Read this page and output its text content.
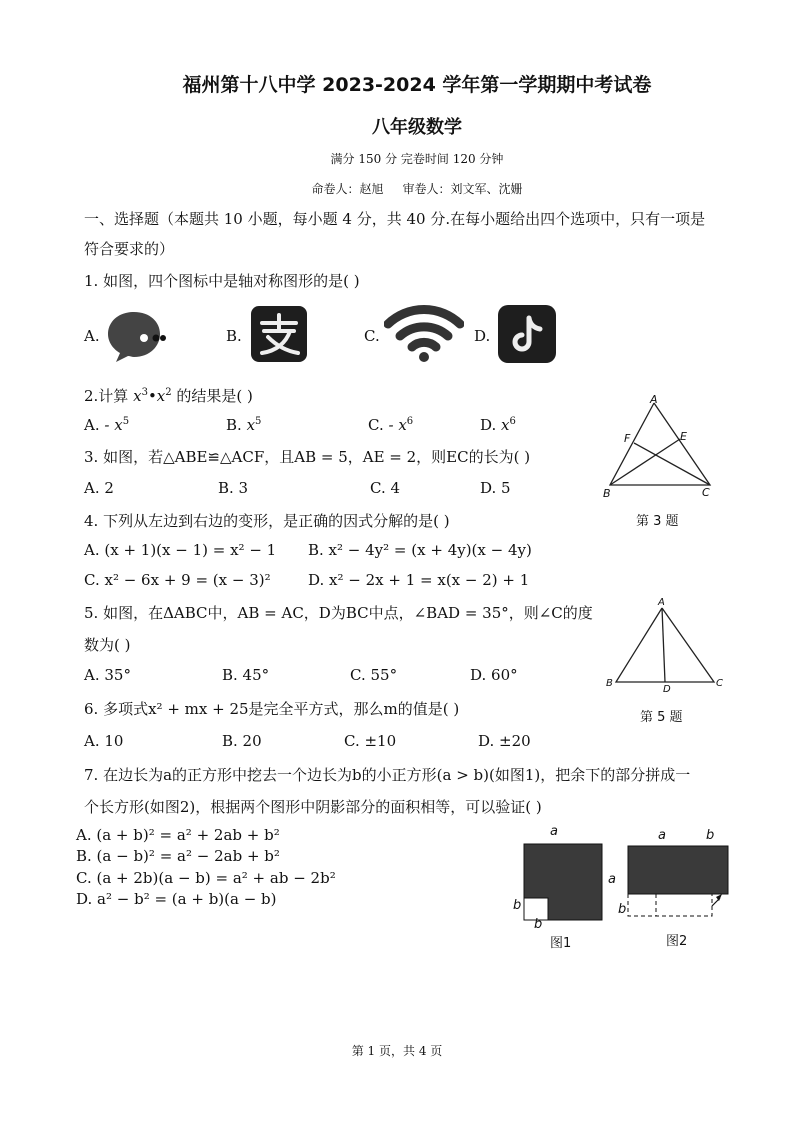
福州第十八中学 2023-2024 学年第一学期期中考试卷
八年级数学
满分 150 分 完卷时间 120 分钟
命卷人：赵旭     审卷人：刘文军、沈姗
一、选择题（本题共 10 小题，每小题 4 分，共 40 分.在每小题给出四个选项中，只有一项是
符合要求的）
1. 如图，四个图标中是轴对称图形的是( )
A.	B.	C.	D.
2.计算 $x^3•x^2$ 的结果是( )
A. - $x^5$	B. $x^5$	C. - $x^6$	D. $x^6$
3. 如图，若△ABE≌△ACF，且AB = 5，AE = 2，则EC的长为( )
A. 2	B. 3	C. 4	D. 5
A
F	E
B	C
第 3 题
4. 下列从左边到右边的变形，是正确的因式分解的是( )
A. (x + 1)(x − 1) = x² − 1 B. x² − 4y² = (x + 4y)(x − 4y)
C. x² − 6x + 9 = (x − 3)² D. x² − 2x + 1 = x(x − 2) + 1
5. 如图，在ΔABC中，AB = AC，D为BC中点，∠BAD = 35°，则∠C的度
数为( )
A. 35°	B. 45°	C. 55°	D. 60°
A
B
D
C
第 5 题
6. 多项式x² + mx + 25是完全平方式，那么m的值是( )
A. 10	B. 20	C. ±10	D. ±20
7. 在边长为a的正方形中挖去一个边长为b的小正方形(a > b)(如图1)，把余下的部分拼成一
个长方形(如图2)，根据两个图形中阴影部分的面积相等，可以验证( )
A. (a + b)² = a² + 2ab + b²
B. (a − b)² = a² − 2ab + b²
C. (a + 2b)(a − b) = a² + ab − 2b²
D. a² − b² = (a + b)(a − b)
a
a
b
b
图1
a	b
b
图2
第 1 页，共 4 页
